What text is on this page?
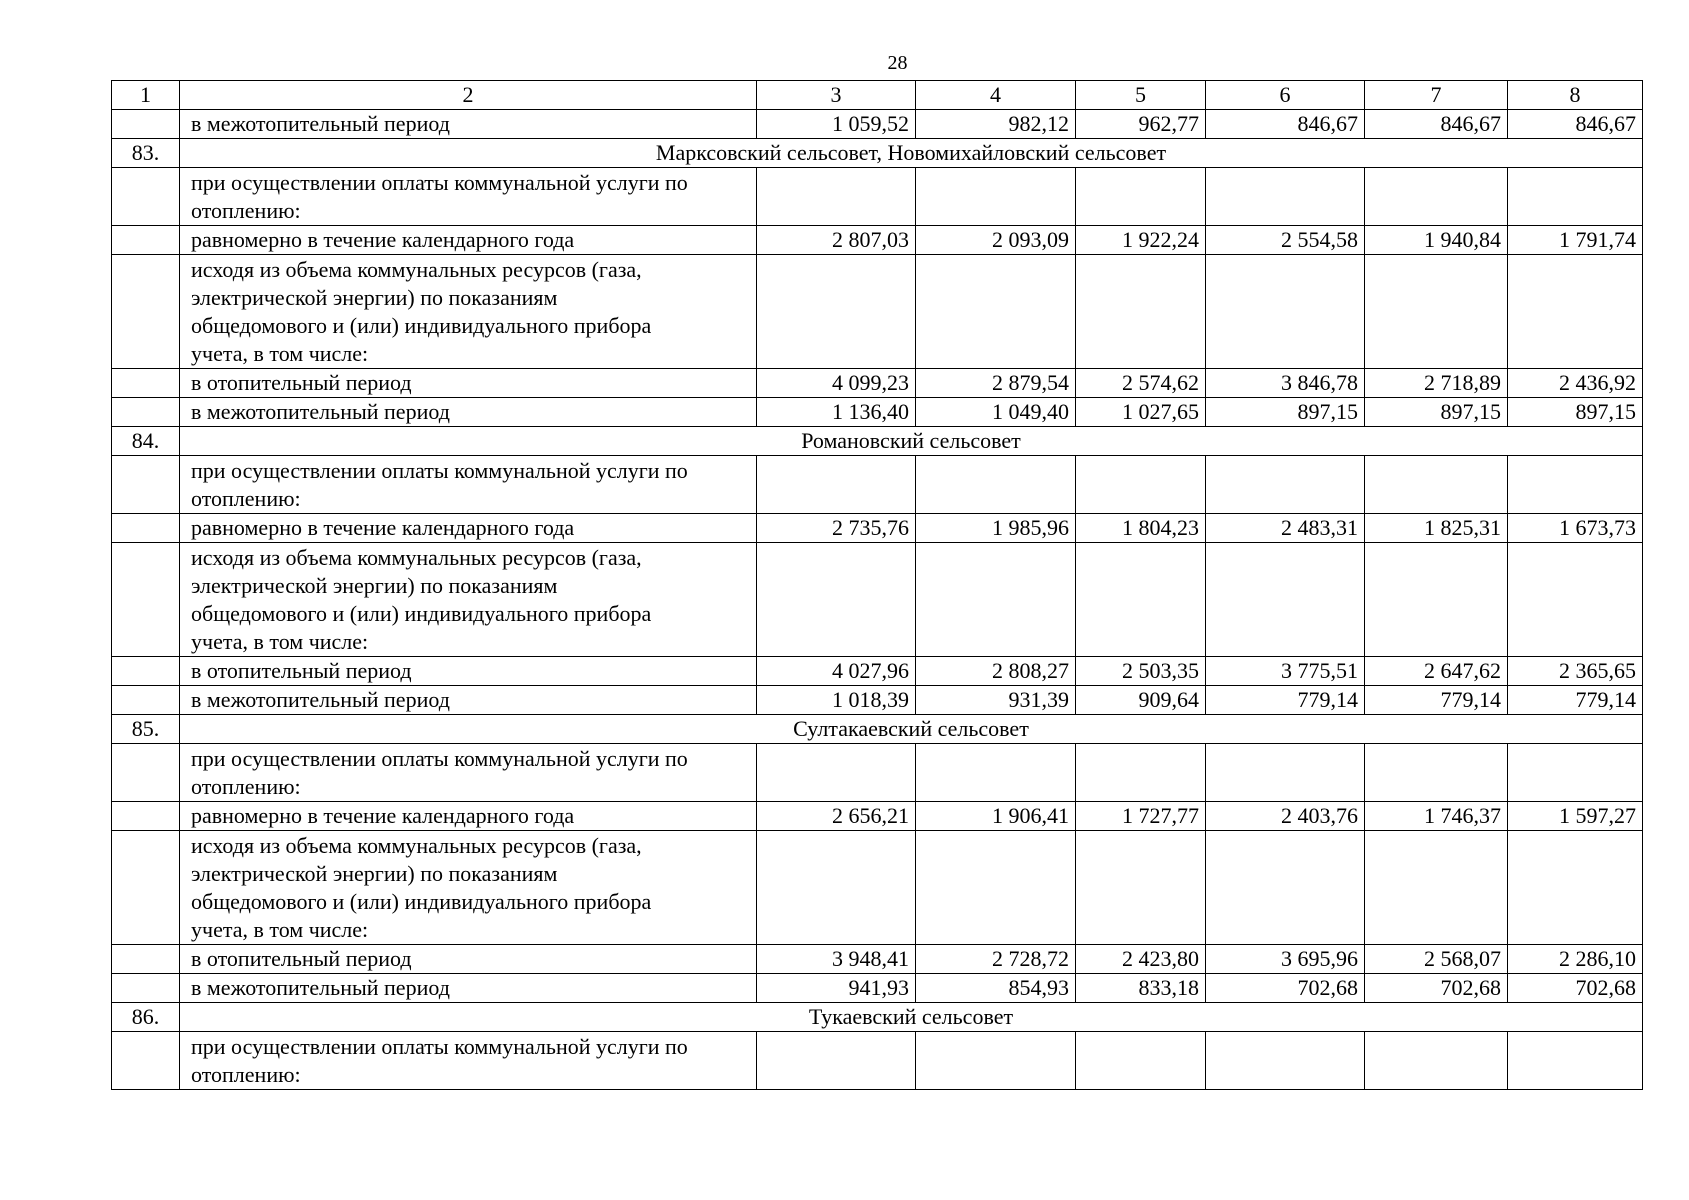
28
1	2	3	4	5	6	7	8

	в межотопительный период	1 059,52	982,12	962,77	846,67	846,67	846,67
83.	Марксовский сельсовет, Новомихайловский сельсовет						

	при осуществлении оплаты коммунальной услуги по
отоплению:						

	равномерно в течение календарного года	2 807,03	2 093,09	1 922,24	2 554,58	1 940,84	1 791,74

	исходя из объема коммунальных ресурсов (газа,
электрической энергии) по показаниям
общедомового и (или) индивидуального прибора
учета, в том числе:						

	в отопительный период	4 099,23	2 879,54	2 574,62	3 846,78	2 718,89	2 436,92

	в межотопительный период	1 136,40	1 049,40	1 027,65	897,15	897,15	897,15
84.	Романовский сельсовет						

	при осуществлении оплаты коммунальной услуги по
отоплению:						

	равномерно в течение календарного года	2 735,76	1 985,96	1 804,23	2 483,31	1 825,31	1 673,73

	исходя из объема коммунальных ресурсов (газа,
электрической энергии) по показаниям
общедомового и (или) индивидуального прибора
учета, в том числе:						

	в отопительный период	4 027,96	2 808,27	2 503,35	3 775,51	2 647,62	2 365,65

	в межотопительный период	1 018,39	931,39	909,64	779,14	779,14	779,14
85.	Султакаевский сельсовет						

	при осуществлении оплаты коммунальной услуги по
отоплению:						

	равномерно в течение календарного года	2 656,21	1 906,41	1 727,77	2 403,76	1 746,37	1 597,27

	исходя из объема коммунальных ресурсов (газа,
электрической энергии) по показаниям
общедомового и (или) индивидуального прибора
учета, в том числе:						

	в отопительный период	3 948,41	2 728,72	2 423,80	3 695,96	2 568,07	2 286,10

	в межотопительный период	941,93	854,93	833,18	702,68	702,68	702,68
86.	Тукаевский сельсовет						

	при осуществлении оплаты коммунальной услуги по
отоплению:						
